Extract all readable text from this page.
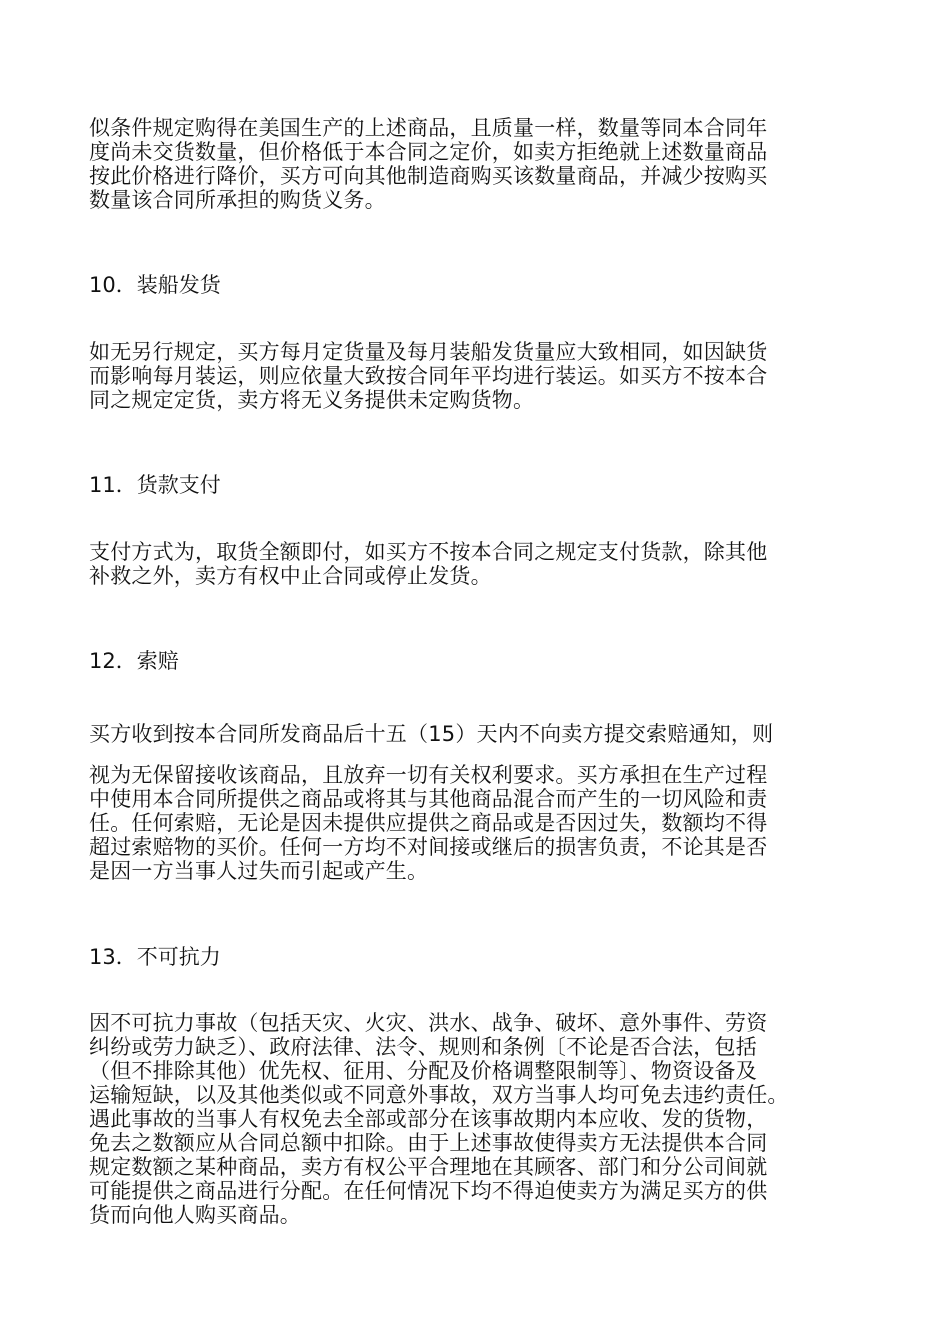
似条件规定购得在美国生产的上述商品，且质量一样，数量等同本合同年
度尚未交货数量，但价格低于本合同之定价，如卖方拒绝就上述数量商品
按此价格进行降价，买方可向其他制造商购买该数量商品，并减少按购买
数量该合同所承担的购货义务。
10．装船发货
如无另行规定，买方每月定货量及每月装船发货量应大致相同，如因缺货
而影响每月装运，则应依量大致按合同年平均进行装运。如买方不按本合
同之规定定货，卖方将无义务提供未定购货物。
11．货款支付
支付方式为，取货全额即付，如买方不按本合同之规定支付货款，除其他
补救之外，卖方有权中止合同或停止发货。
12．索赔
买方收到按本合同所发商品后十五（15）天内不向卖方提交索赔通知，则
视为无保留接收该商品，且放弃一切有关权利要求。买方承担在生产过程
中使用本合同所提供之商品或将其与其他商品混合而产生的一切风险和责
任。任何索赔，无论是因未提供应提供之商品或是否因过失，数额均不得
超过索赔物的买价。任何一方均不对间接或继后的损害负责，不论其是否
是因一方当事人过失而引起或产生。
13．不可抗力
因不可抗力事故（包括天灾、火灾、洪水、战争、破坏、意外事件、劳资
纠纷或劳力缺乏）、政府法律、法令、规则和条例〔不论是否合法，包括
（但不排除其他）优先权、征用、分配及价格调整限制等〕、物资设备及
运输短缺，以及其他类似或不同意外事故，双方当事人均可免去违约责任。
遇此事故的当事人有权免去全部或部分在该事故期内本应收、发的货物，
免去之数额应从合同总额中扣除。由于上述事故使得卖方无法提供本合同
规定数额之某种商品，卖方有权公平合理地在其顾客、部门和分公司间就
可能提供之商品进行分配。在任何情况下均不得迫使卖方为满足买方的供
货而向他人购买商品。
